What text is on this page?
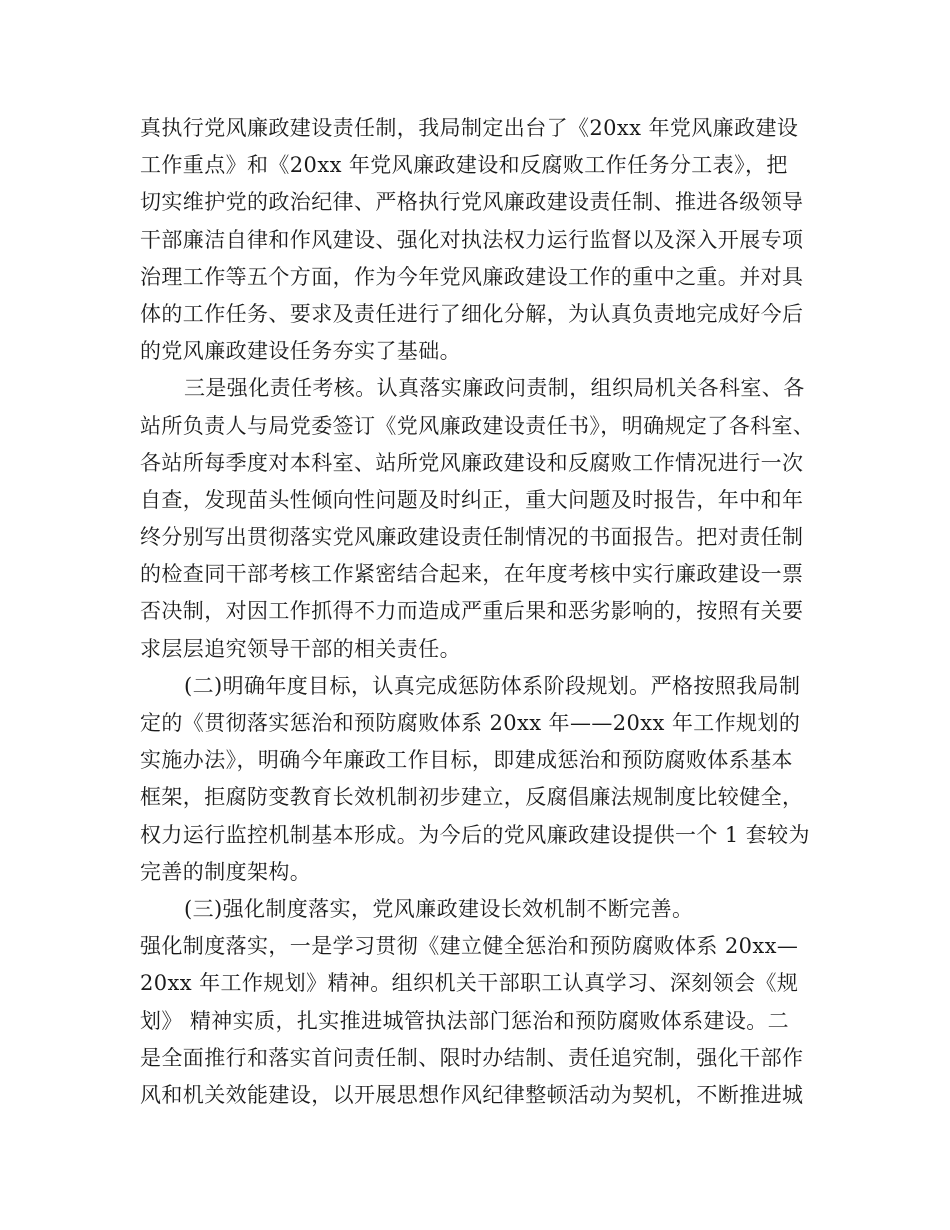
真执行党风廉政建设责任制，我局制定出台了《20xx 年党风廉政建设
工作重点》和《20xx 年党风廉政建设和反腐败工作任务分工表》，把
切实维护党的政治纪律、严格执行党风廉政建设责任制、推进各级领导
干部廉洁自律和作风建设、强化对执法权力运行监督以及深入开展专项
治理工作等五个方面，作为今年党风廉政建设工作的重中之重。并对具
体的工作任务、要求及责任进行了细化分解，为认真负责地完成好今后
的党风廉政建设任务夯实了基础。
三是强化责任考核。认真落实廉政问责制，组织局机关各科室、各
站所负责人与局党委签订《党风廉政建设责任书》，明确规定了各科室、
各站所每季度对本科室、站所党风廉政建设和反腐败工作情况进行一次
自查，发现苗头性倾向性问题及时纠正，重大问题及时报告，年中和年
终分别写出贯彻落实党风廉政建设责任制情况的书面报告。把对责任制
的检查同干部考核工作紧密结合起来，在年度考核中实行廉政建设一票
否决制，对因工作抓得不力而造成严重后果和恶劣影响的，按照有关要
求层层追究领导干部的相关责任。
(二)明确年度目标，认真完成惩防体系阶段规划。严格按照我局制
定的《贯彻落实惩治和预防腐败体系 20xx 年——20xx 年工作规划的
实施办法》，明确今年廉政工作目标，即建成惩治和预防腐败体系基本
框架，拒腐防变教育长效机制初步建立，反腐倡廉法规制度比较健全，
权力运行监控机制基本形成。为今后的党风廉政建设提供一个 1 套较为
完善的制度架构。
(三)强化制度落实，党风廉政建设长效机制不断完善。
强化制度落实，一是学习贯彻《建立健全惩治和预防腐败体系 20xx—
20xx 年工作规划》精神。组织机关干部职工认真学习、深刻领会《规
划》 精神实质，扎实推进城管执法部门惩治和预防腐败体系建设。二
是全面推行和落实首问责任制、限时办结制、责任追究制，强化干部作
风和机关效能建设，以开展思想作风纪律整顿活动为契机，不断推进城
